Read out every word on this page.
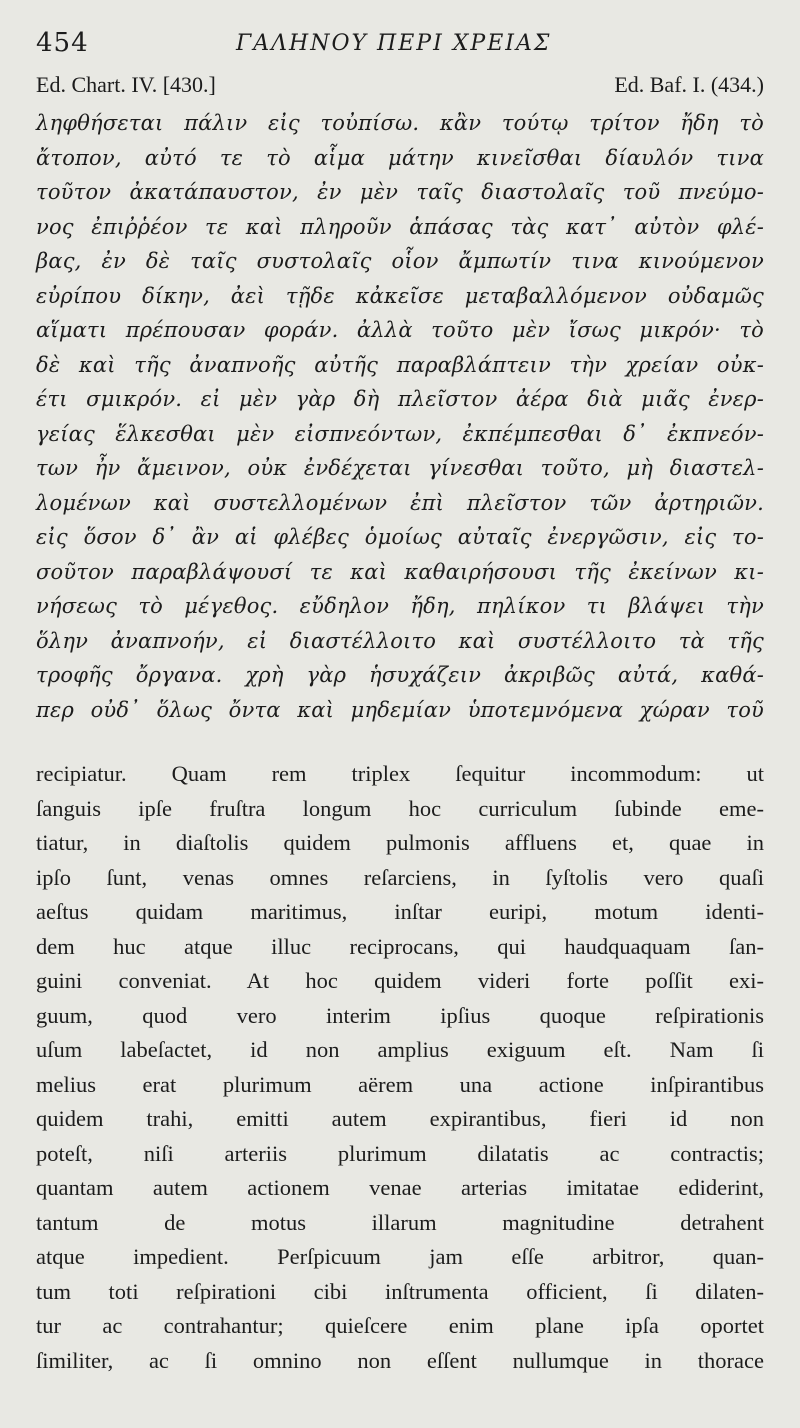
454	ΓΑΛΗΝΟΥ ΠΕΡΙ ΧΡΕΙΑΣ
Ed. Chart. IV. [430.]	Ed. Baf. I. (434.)
ληφθήσεται πάλιν εἰς τοὐπίσω. κἂν τούτῳ τρίτον ἤδη τὸ
ἄτοπον, αὐτό τε τὸ αἷμα μάτην κινεῖσθαι δίαυλόν τινα
τοῦτον ἀκατάπαυστον, ἐν μὲν ταῖς διαστολαῖς τοῦ πνεύμο-
νος ἐπιῤῥέον τε καὶ πληροῦν ἁπάσας τὰς κατ᾽ αὐτὸν φλέ-
βας, ἐν δὲ ταῖς συστολαῖς οἷον ἄμπωτίν τινα κινούμενον
εὐρίπου δίκην, ἀεὶ τῇδε κἀκεῖσε μεταβαλλόμενον οὐδαμῶς
αἵματι πρέπουσαν φοράν. ἀλλὰ τοῦτο μὲν ἴσως μικρόν· τὸ
δὲ καὶ τῆς ἀναπνοῆς αὐτῆς παραβλάπτειν τὴν χρείαν οὐκ-
έτι σμικρόν. εἰ μὲν γὰρ δὴ πλεῖστον ἀέρα διὰ μιᾶς ἐνερ-
γείας ἕλκεσθαι μὲν εἰσπνεόντων, ἐκπέμπεσθαι δ᾽ ἐκπνεόν-
των ἦν ἄμεινον, οὐκ ἐνδέχεται γίνεσθαι τοῦτο, μὴ διαστελ-
λομένων καὶ συστελλομένων ἐπὶ πλεῖστον τῶν ἀρτηριῶν.
εἰς ὅσον δ᾽ ἂν αἱ φλέβες ὁμοίως αὐταῖς ἐνεργῶσιν, εἰς το-
σοῦτον παραβλάψουσί τε καὶ καθαιρήσουσι τῆς ἐκείνων κι-
νήσεως τὸ μέγεθος. εὔδηλον ἤδη, πηλίκον τι βλάψει τὴν
ὅλην ἀναπνοήν, εἰ διαστέλλοιτο καὶ συστέλλοιτο τὰ τῆς
τροφῆς ὄργανα. χρὴ γὰρ ἡσυχάζειν ἀκριβῶς αὐτά, καθά-
περ οὐδ᾽ ὅλως ὄντα καὶ μηδεμίαν ὑποτεμνόμενα χώραν τοῦ
recipiatur. Quam rem triplex ſequitur incommodum: ut
ſanguis ipſe fruſtra longum hoc curriculum ſubinde eme-
tiatur, in diaſtolis quidem pulmonis affluens et, quae in
ipſo ſunt, venas omnes reſarciens, in ſyſtolis vero quaſi
aeſtus quidam maritimus, inſtar euripi, motum identi-
dem huc atque illuc reciprocans, qui haudquaquam ſan-
guini conveniat. At hoc quidem videri forte poſſit exi-
guum, quod vero interim ipſius quoque reſpirationis
uſum labeſactet, id non amplius exiguum eſt. Nam ſi
melius erat plurimum aërem una actione inſpirantibus
quidem trahi, emitti autem expirantibus, fieri id non
poteſt, niſi arteriis plurimum dilatatis ac contractis;
quantam autem actionem venae arterias imitatae ediderint,
tantum de motus illarum magnitudine detrahent
atque impedient. Perſpicuum jam eſſe arbitror, quan-
tum toti reſpirationi cibi inſtrumenta officient, ſi dilaten-
tur ac contrahantur; quieſcere enim plane ipſa oportet
ſimiliter, ac ſi omnino non eſſent nullumque in thorace
